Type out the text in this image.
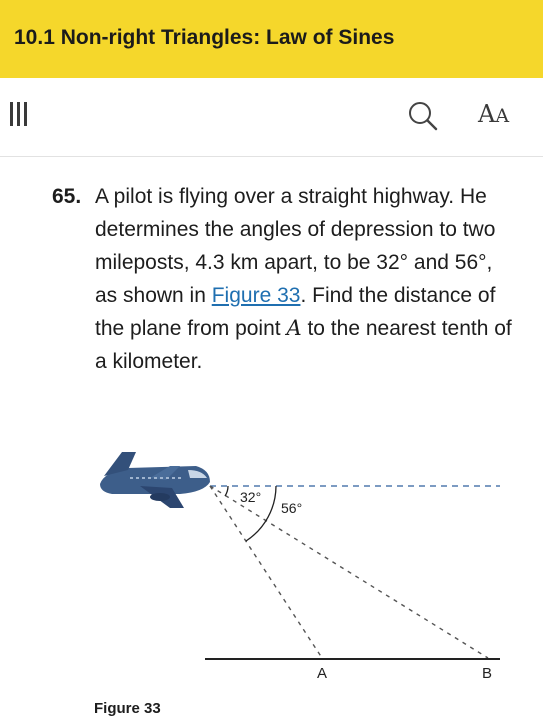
10.1 Non-right Triangles: Law of Sines
AA
65. A pilot is flying over a straight highway. He determines the angles of depression to two mileposts, 4.3 km apart, to be 32° and 56°, as shown in Figure 33. Find the distance of the plane from point A to the nearest tenth of a kilometer.
32°
56°
A	B
Figure 33
